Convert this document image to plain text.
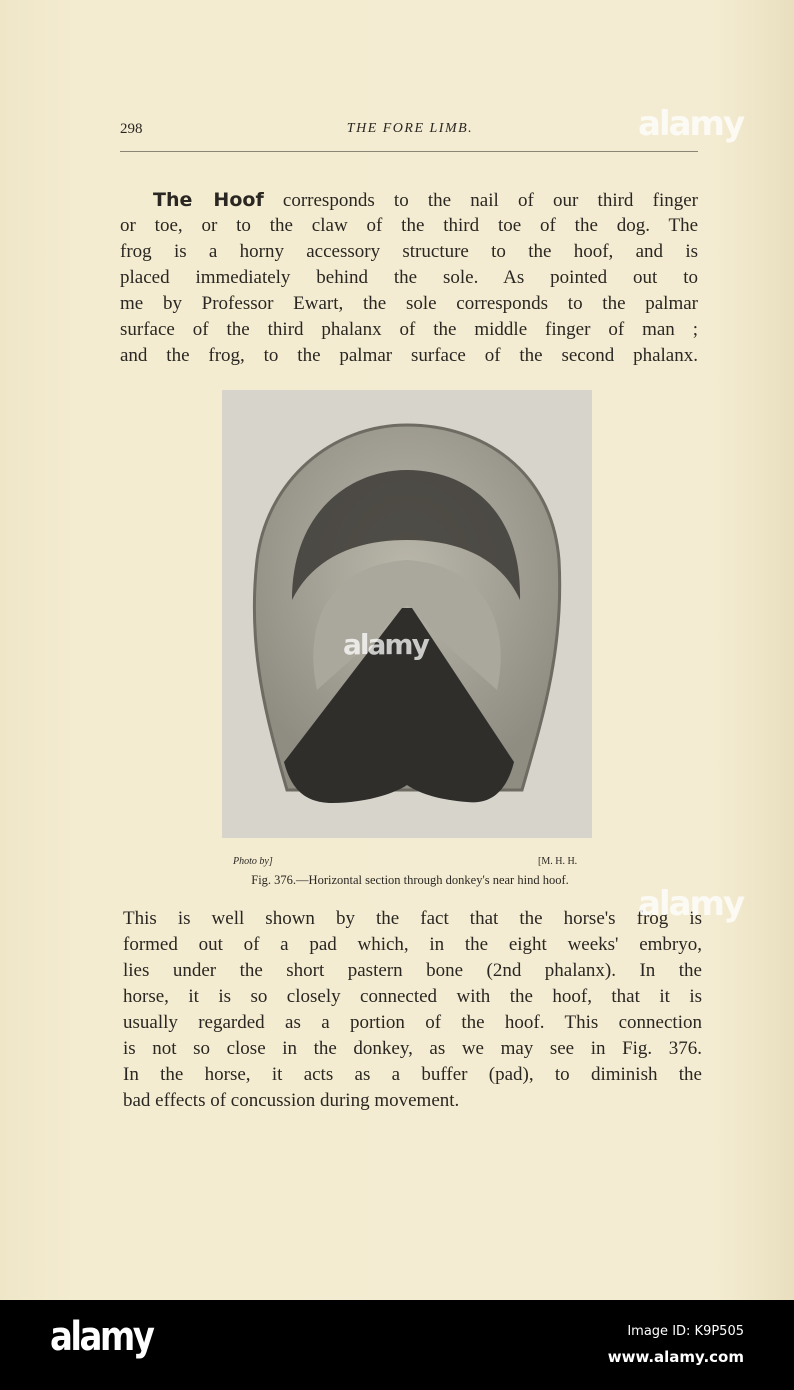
298	THE FORE LIMB.
The Hoof corresponds to the nail of our third finger
or toe, or to the claw of the third toe of the dog. The
frog is a horny accessory structure to the hoof, and is
placed immediately behind the sole. As pointed out to
me by Professor Ewart, the sole corresponds to the palmar
surface of the third phalanx of the middle finger of man ;
and the frog, to the palmar surface of the second phalanx.
Photo by]	[M. H. H.
Fig. 376.—Horizontal section through donkey's near hind hoof.
This is well shown by the fact that the horse's frog is
formed out of a pad which, in the eight weeks' embryo,
lies under the short pastern bone (2nd phalanx). In the
horse, it is so closely connected with the hoof, that it is
usually regarded as a portion of the hoof. This connection
is not so close in the donkey, as we may see in Fig. 376.
In the horse, it acts as a buffer (pad), to diminish the
bad effects of concussion during movement.
alamy
alamy
alamy
alamy	Image ID: K9P505
www.alamy.com
